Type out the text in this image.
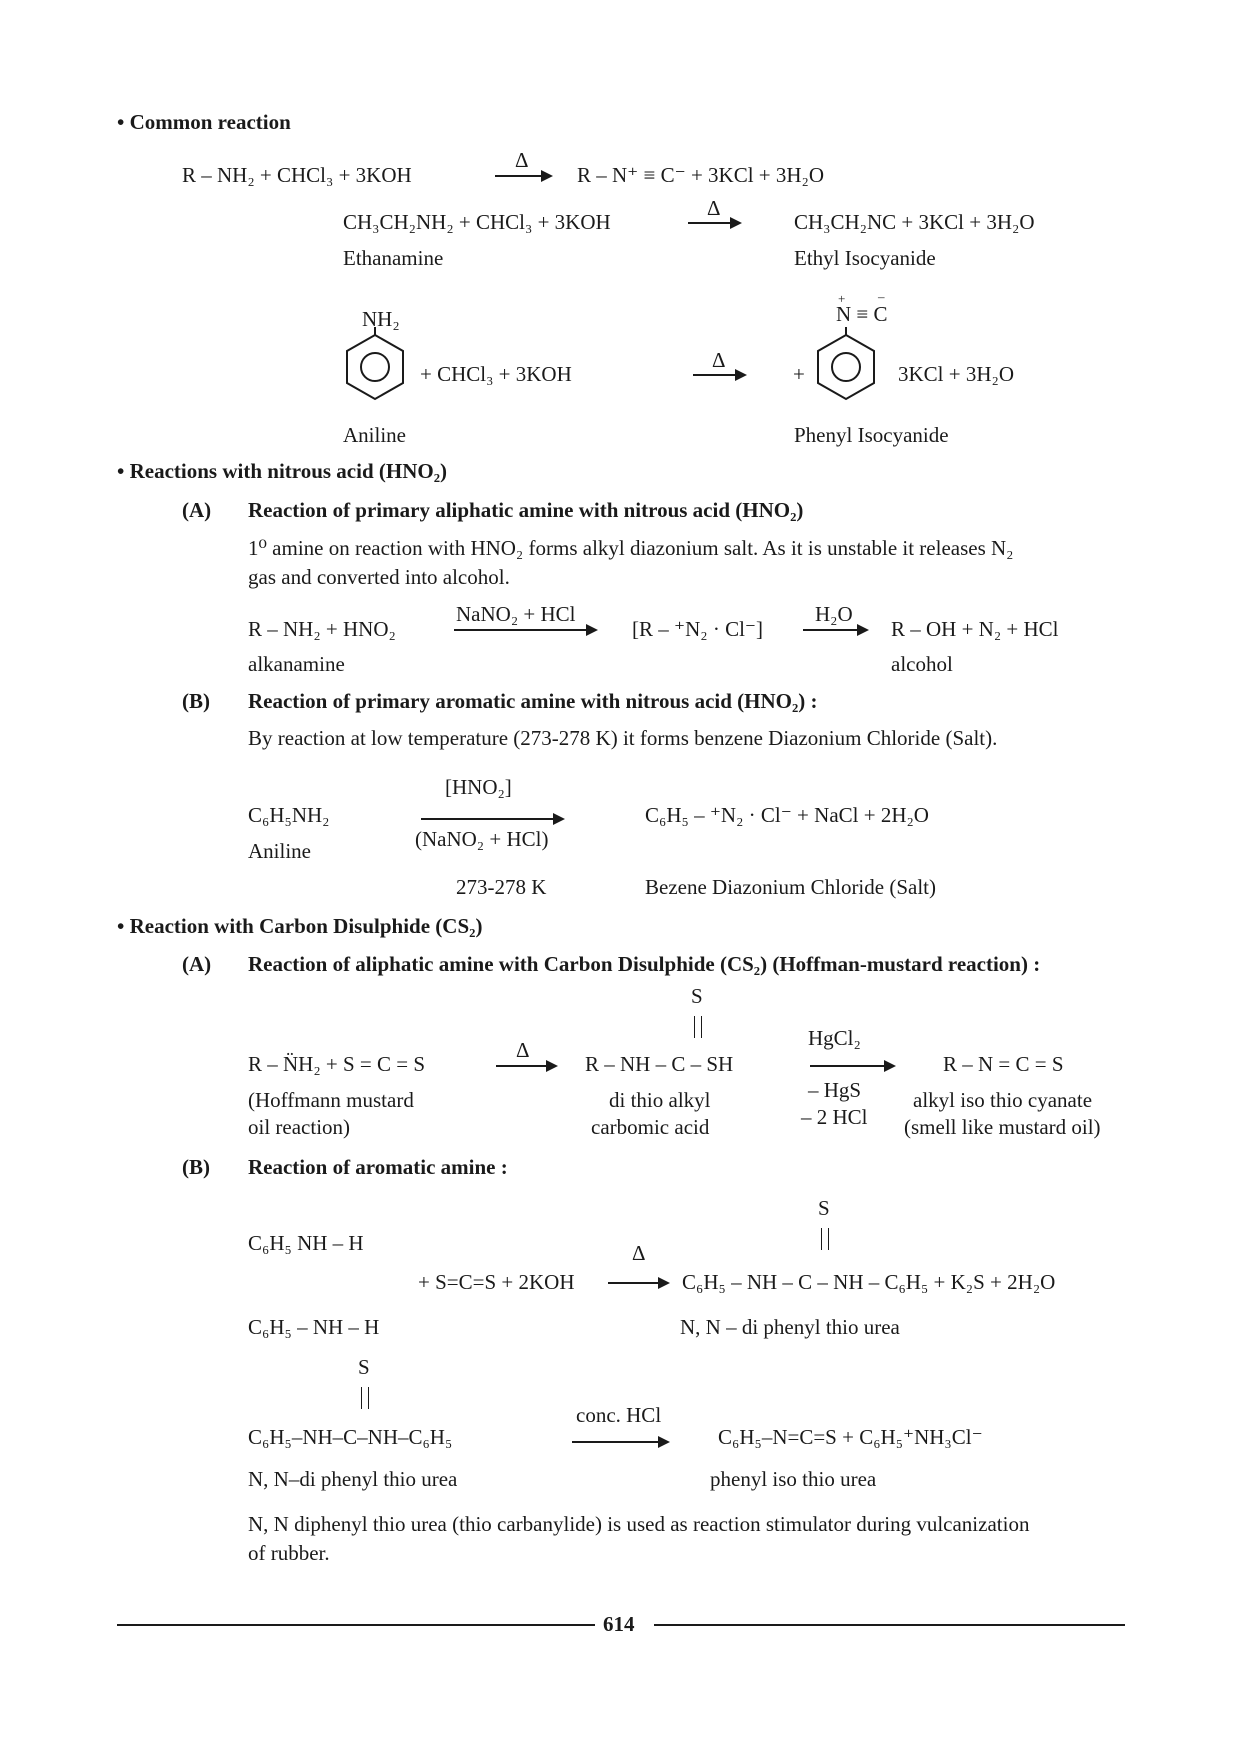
• Common reaction
R – NH₂ + CHCl₃ + 3KOH
Δ
R – N⁺ ≡ C⁻ + 3KCl + 3H₂O
CH₃CH₂NH₂ + CHCl₃ + 3KOH
Δ
CH₃CH₂NC + 3KCl + 3H₂O
Ethanamine	Ethyl Isocyanide
NH₂
+ CHCl₃ + 3KOH
Δ
+
+	–
N ≡ C
3KCl + 3H₂O
Aniline	Phenyl Isocyanide
• Reactions with nitrous acid (HNO₂)
(A) Reaction of primary aliphatic amine with nitrous acid (HNO₂)
1⁰ amine on reaction with HNO₂ forms alkyl diazonium salt. As it is unstable it releases N₂
gas and converted into alcohol.
R – NH₂ + HNO₂
NaNO₂ + HCl
[R – ⁺N₂ · Cl⁻]
H₂O
R – OH + N₂ + HCl
alkanamine	alcohol
(B) Reaction of primary aromatic amine with nitrous acid (HNO₂) :
By reaction at low temperature (273-278 K) it forms benzene Diazonium Chloride (Salt).
C₆H₅NH₂
Aniline
[HNO₂]
(NaNO₂ + HCl)
273-278 K
C₆H₅ – ⁺N₂ · Cl⁻ + NaCl + 2H₂O
Bezene Diazonium Chloride (Salt)
• Reaction with Carbon Disulphide (CS₂)
(A) Reaction of aliphatic amine with Carbon Disulphide (CS₂) (Hoffman-mustard reaction) :
S
R – N̈H₂ + S = C = S
Δ
R – NH – C – SH
HgCl₂
– HgS
– 2 HCl
R – N = C = S
(Hoffmann mustard
oil reaction)
di thio alkyl
carbomic acid
alkyl iso thio cyanate
(smell like mustard oil)
(B) Reaction of aromatic amine :
S
C₆H₅ NH – H
+ S=C=S + 2KOH
Δ
C₆H₅ – NH – C – NH – C₆H₅ + K₂S + 2H₂O
C₆H₅ – NH – H	N, N – di phenyl thio urea
S
C₆H₅–NH–C–NH–C₆H₅
conc. HCl
C₆H₅–N=C=S + C₆H₅⁺NH₃Cl⁻
N, N–di phenyl thio urea	phenyl iso thio urea
N, N diphenyl thio urea (thio carbanylide) is used as reaction stimulator during vulcanization
of rubber.
614
